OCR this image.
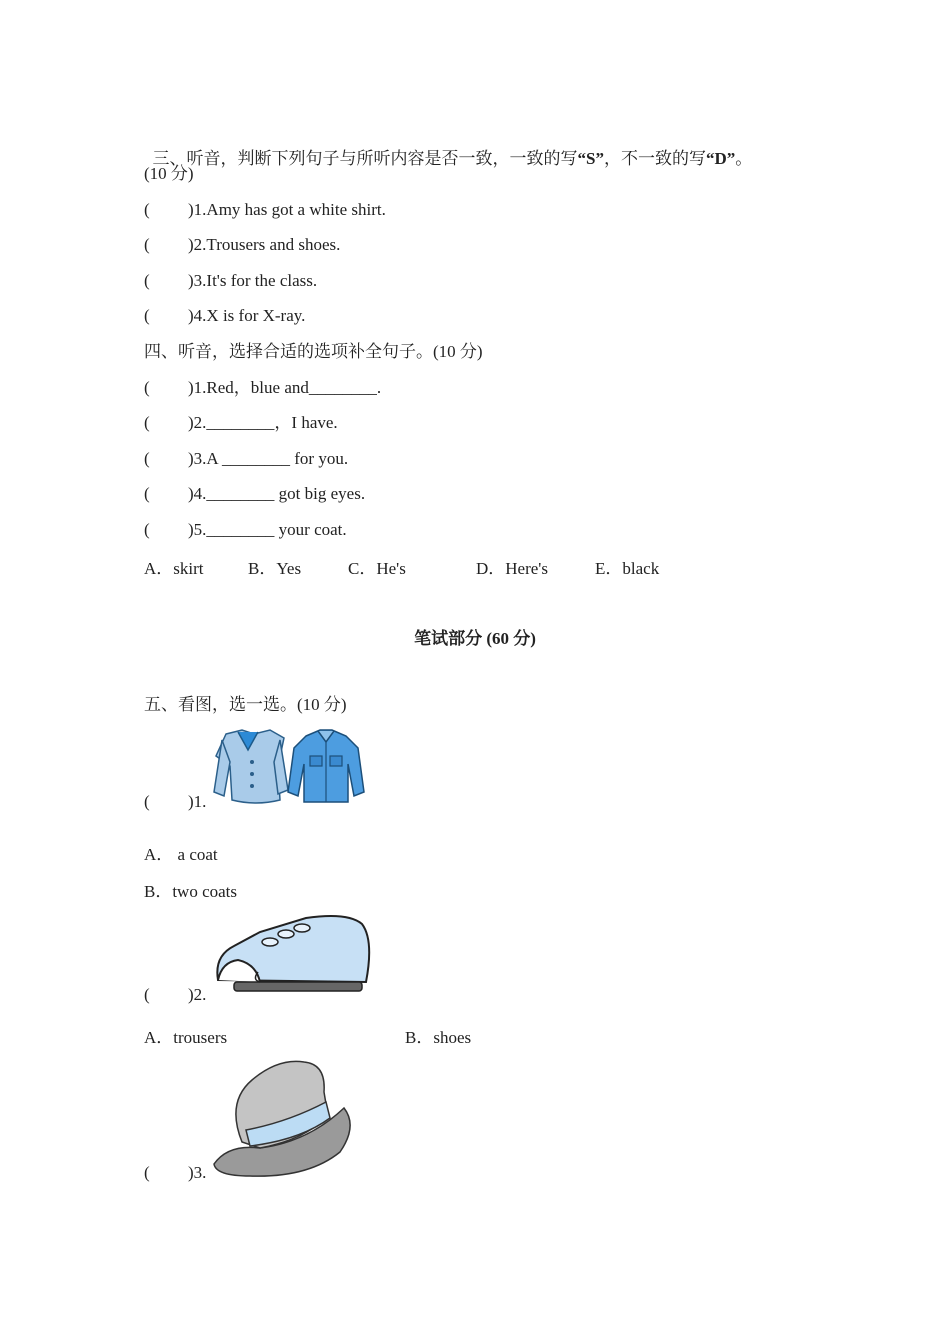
三、听音，判断下列句子与所听内容是否一致，一致的写“S”，不一致的写“D”。

(10 分)
( )1.Amy has got a white shirt.
( )2.Trousers and shoes.
( )3.It's for the class.
( )4.X is for X-ray.
四、听音，选择合适的选项补全句子。(10 分)
( )1.Red，blue and________.
( )2.________，I have.
( )3.A ________ for you.
( )4.________ got big eyes.
( )5.________ your coat.
A．skirt	B．Yes	C．He's	D．Here's	E．black
笔试部分 (60 分)
五、看图，选一选。(10 分)
( )1.
A． a coat
B．two coats
( )2.
A．trousers	B．shoes
( )3.
